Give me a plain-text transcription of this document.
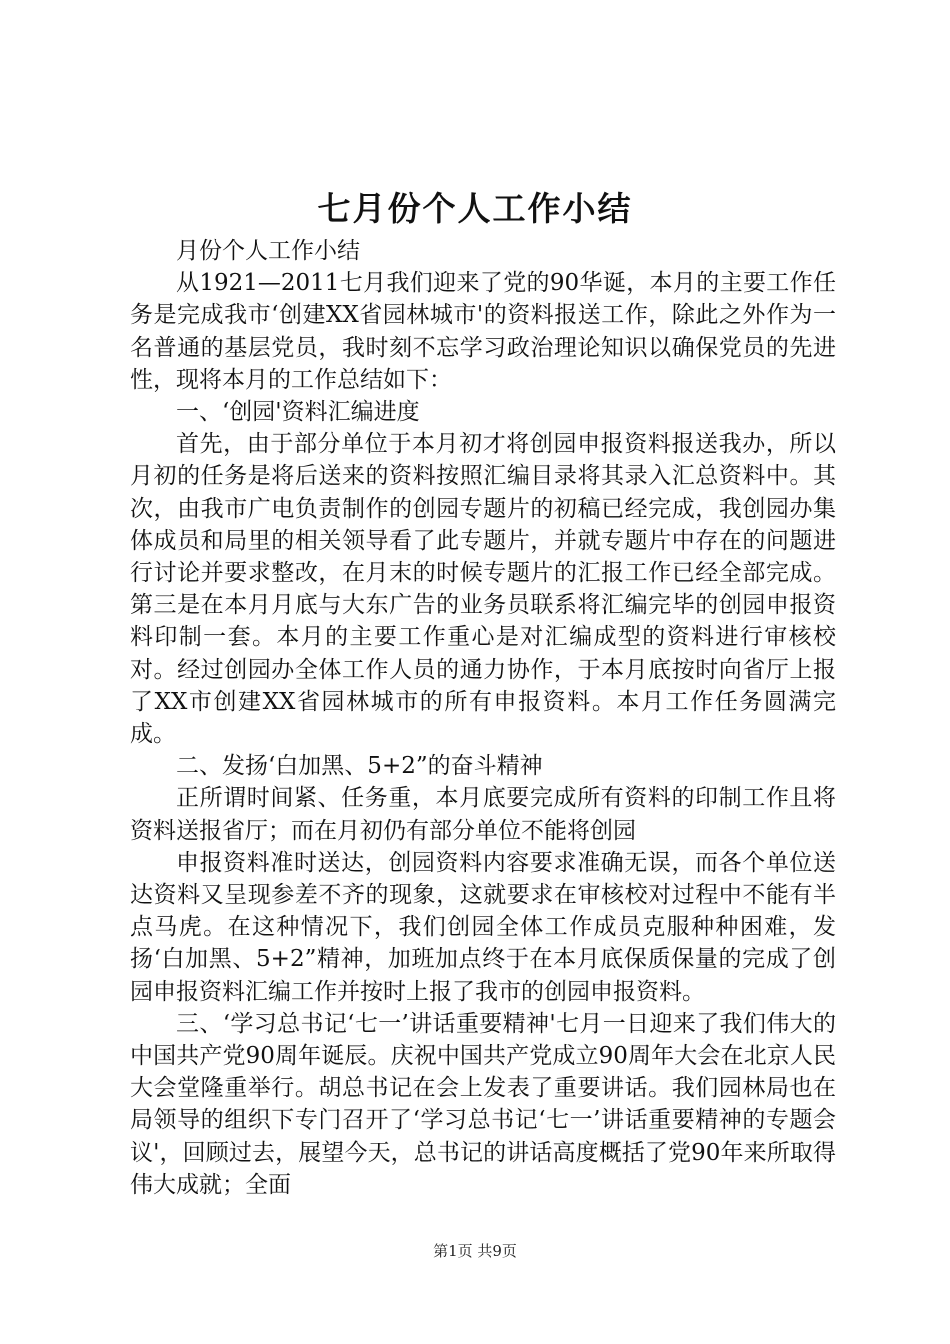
七月份个人工作小结

月份个人工作小结

从1921—2011七月我们迎来了党的90华诞，本月的主要工作任务是完成我市‘创建XX省园林城市'的资料报送工作，除此之外作为一名普通的基层党员，我时刻不忘学习政治理论知识以确保党员的先进性，现将本月的工作总结如下：

一、‘创园'资料汇编进度

首先，由于部分单位于本月初才将创园申报资料报送我办，所以月初的任务是将后送来的资料按照汇编目录将其录入汇总资料中。其次，由我市广电负责制作的创园专题片的初稿已经完成，我创园办集体成员和局里的相关领导看了此专题片，并就专题片中存在的问题进行讨论并要求整改，在月末的时候专题片的汇报工作已经全部完成。第三是在本月月底与大东广告的业务员联系将汇编完毕的创园申报资料印制一套。本月的主要工作重心是对汇编成型的资料进行审核校对。经过创园办全体工作人员的通力协作，于本月底按时向省厅上报了XX市创建XX省园林城市的所有申报资料。本月工作任务圆满完成。

二、发扬‘白加黑、5+2”的奋斗精神

正所谓时间紧、任务重，本月底要完成所有资料的印制工作且将资料送报省厅；而在月初仍有部分单位不能将创园

申报资料准时送达，创园资料内容要求准确无误，而各个单位送达资料又呈现参差不齐的现象，这就要求在审核校对过程中不能有半点马虎。在这种情况下，我们创园全体工作成员克服种种困难，发扬‘白加黑、5+2”精神，加班加点终于在本月底保质保量的完成了创园申报资料汇编工作并按时上报了我市的创园申报资料。

三、‘学习总书记‘七一’讲话重要精神'七月一日迎来了我们伟大的中国共产党90周年诞辰。庆祝中国共产党成立90周年大会在北京人民大会堂隆重举行。胡总书记在会上发表了重要讲话。我们园林局也在局领导的组织下专门召开了‘学习总书记‘七一’讲话重要精神的专题会议'，回顾过去，展望今天，总书记的讲话高度概括了党90年来所取得伟大成就；全面

第1页 共9页
